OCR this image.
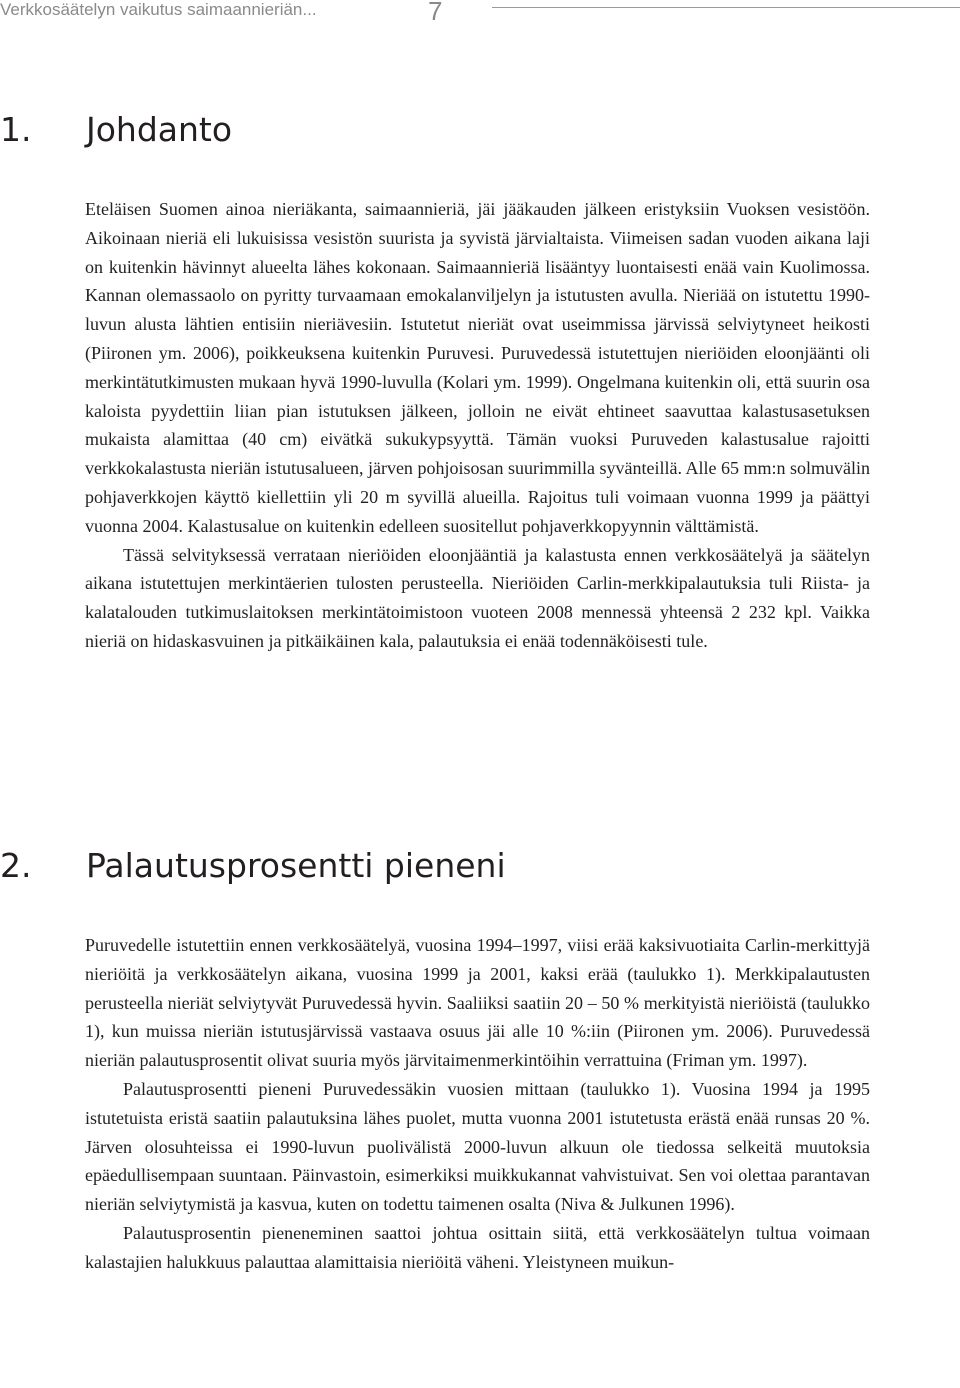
Verkkosäätelyn vaikutus saimaannieriän...	7
1.	Johdanto

Eteläisen Suomen ainoa nieriäkanta, saimaannieriä, jäi jääkauden jälkeen eristyksiin Vuoksen vesistöön. Aikoinaan nieriä eli lukuisissa vesistön suurista ja syvistä järvialtaista. Viimeisen sadan vuoden aikana laji on kuitenkin hävinnyt alueelta lähes kokonaan. Saimaannieriä lisääntyy luontaisesti enää vain Kuolimossa. Kannan olemassaolo on pyritty turvaamaan emokalanviljelyn ja istutusten avulla. Nieriää on istutettu 1990-luvun alusta lähtien entisiin nieriävesiin. Istutetut nieriät ovat useimmissa järvissä selviytyneet heikosti (Piironen ym. 2006), poikkeuksena kuitenkin Puruvesi. Puruvedessä istutettujen nieriöiden eloonjäänti oli merkintätutkimusten mukaan hyvä 1990-luvulla (Kolari ym. 1999). Ongelmana kuitenkin oli, että suurin osa kaloista pyydettiin liian pian istutuksen jälkeen, jolloin ne eivät ehtineet saavuttaa kalastusasetuksen mukaista alamittaa (40 cm) eivätkä sukukypsyyttä. Tämän vuoksi Puruveden kalastusalue rajoitti verkkokalastusta nieriän istutusalueen, järven pohjoisosan suurimmilla syvänteillä. Alle 65 mm:n solmuvälin pohjaverkkojen käyttö kiellettiin yli 20 m syvillä alueilla. Rajoitus tuli voimaan vuonna 1999 ja päättyi vuonna 2004. Kalastusalue on kuitenkin edelleen suositellut pohjaverkkopyynnin välttämistä.

Tässä selvityksessä verrataan nieriöiden eloonjääntiä ja kalastusta ennen verkkosäätelyä ja säätelyn aikana istutettujen merkintäerien tulosten perusteella. Nieriöiden Carlin-merkkipalautuksia tuli Riista- ja kalatalouden tutkimuslaitoksen merkintätoimistoon vuoteen 2008 mennessä yhteensä 2 232 kpl. Vaikka nieriä on hidaskasvuinen ja pitkäikäinen kala, palautuksia ei enää todennäköisesti tule.

2.	Palautusprosentti pieneni

Puruvedelle istutettiin ennen verkkosäätelyä, vuosina 1994–1997, viisi erää kaksivuotiaita Carlin-merkittyjä nieriöitä ja verkkosäätelyn aikana, vuosina 1999 ja 2001, kaksi erää (taulukko 1). Merkkipalautusten perusteella nieriät selviytyvät Puruvedessä hyvin. Saaliiksi saatiin 20 – 50 % merkityistä nieriöistä (taulukko 1), kun muissa nieriän istutusjärvissä vastaava osuus jäi alle 10 %:iin (Piironen ym. 2006). Puruvedessä nieriän palautusprosentit olivat suuria myös järvitaimenmerkintöihin verrattuina (Friman ym. 1997).

Palautusprosentti pieneni Puruvedessäkin vuosien mittaan (taulukko 1). Vuosina 1994 ja 1995 istutetuista eristä saatiin palautuksina lähes puolet, mutta vuonna 2001 istutetusta erästä enää runsas 20 %. Järven olosuhteissa ei 1990-luvun puolivälistä 2000-luvun alkuun ole tiedossa selkeitä muutoksia epäedullisempaan suuntaan. Päinvastoin, esimerkiksi muikkukannat vahvistuivat. Sen voi olettaa parantavan nieriän selviytymistä ja kasvua, kuten on todettu taimenen osalta (Niva & Julkunen 1996).

Palautusprosentin pieneneminen saattoi johtua osittain siitä, että verkkosäätelyn tultua voimaan kalastajien halukkuus palauttaa alamittaisia nieriöitä väheni. Yleistyneen muikun-
